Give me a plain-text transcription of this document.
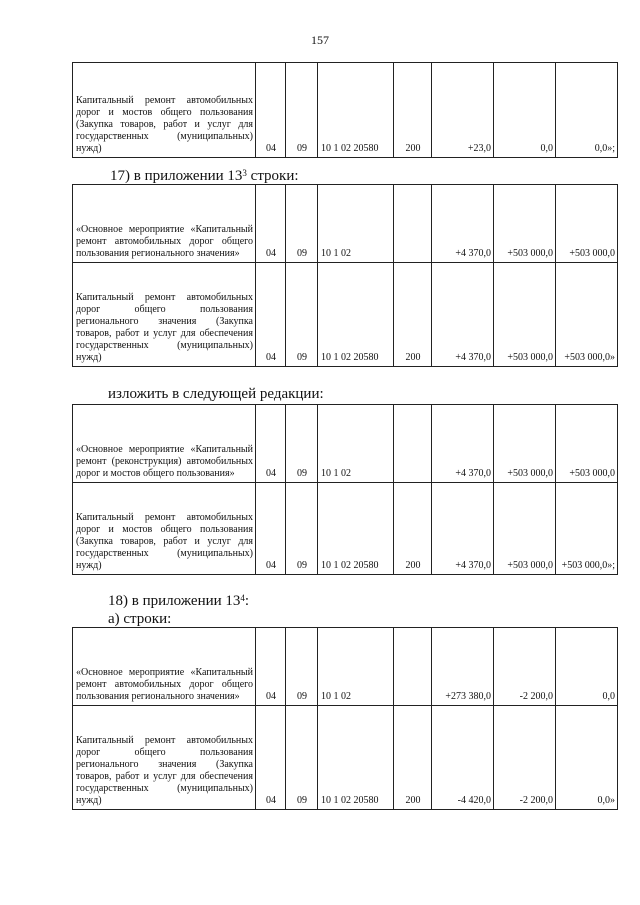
157
Капитальный ремонт автомобильных дорог и мостов общего пользования (Закупка товаров, работ и услуг для государственных (муниципальных) нужд)	04	09	10 1 02 20580	200	+23,0	0,0	0,0»;
17) в приложении $13^3$ строки:
«Основное мероприятие «Капитальный ремонт автомобильных дорог общего пользования регионального значения»	04	09	10 1 02		+4 370,0	+503 000,0	+503 000,0
Капитальный ремонт автомобильных дорог общего пользования регионального значения (Закупка товаров, работ и услуг для обеспечения государственных (муниципальных) нужд)	04	09	10 1 02 20580	200	+4 370,0	+503 000,0	+503 000,0»
изложить в следующей редакции:
«Основное мероприятие «Капитальный ремонт (реконструкция) автомобильных дорог и мостов общего пользования»	04	09	10 1 02		+4 370,0	+503 000,0	+503 000,0
Капитальный ремонт автомобильных дорог и мостов общего пользования (Закупка товаров, работ и услуг для государственных (муниципальных) нужд)	04	09	10 1 02 20580	200	+4 370,0	+503 000,0	+503 000,0»;
18) в приложении $13^4$:
а) строки:
«Основное мероприятие «Капитальный ремонт автомобильных дорог общего пользования регионального значения»	04	09	10 1 02		+273 380,0	-2 200,0	0,0
Капитальный ремонт автомобильных дорог общего пользования регионального значения (Закупка товаров, работ и услуг для обеспечения государственных (муниципальных) нужд)	04	09	10 1 02 20580	200	-4 420,0	-2 200,0	0,0»
